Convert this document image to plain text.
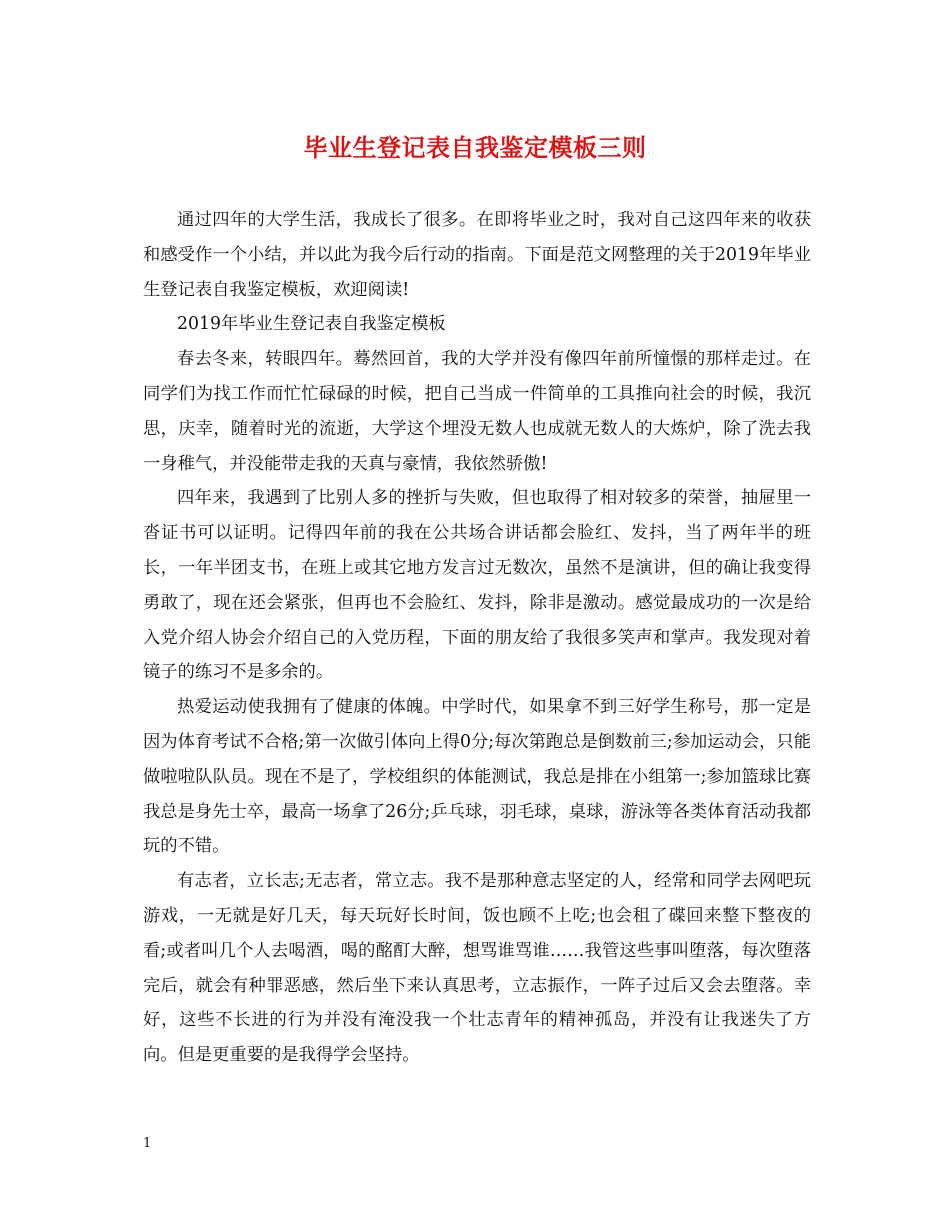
毕业生登记表自我鉴定模板三则

通过四年的大学生活，我成长了很多。在即将毕业之时，我对自己这四年来的收获和感受作一个小结，并以此为我今后行动的指南。下面是范文网整理的关于2019年毕业生登记表自我鉴定模板，欢迎阅读!

2019年毕业生登记表自我鉴定模板

春去冬来，转眼四年。蓦然回首，我的大学并没有像四年前所憧憬的那样走过。在同学们为找工作而忙忙碌碌的时候，把自己当成一件简单的工具推向社会的时候，我沉思，庆幸，随着时光的流逝，大学这个埋没无数人也成就无数人的大炼炉，除了洗去我一身稚气，并没能带走我的天真与豪情，我依然骄傲!

四年来，我遇到了比别人多的挫折与失败，但也取得了相对较多的荣誉，抽屉里一沓证书可以证明。记得四年前的我在公共场合讲话都会脸红、发抖，当了两年半的班长，一年半团支书，在班上或其它地方发言过无数次，虽然不是演讲，但的确让我变得勇敢了，现在还会紧张，但再也不会脸红、发抖，除非是激动。感觉最成功的一次是给入党介绍人协会介绍自己的入党历程，下面的朋友给了我很多笑声和掌声。我发现对着镜子的练习不是多余的。

热爱运动使我拥有了健康的体魄。中学时代，如果拿不到三好学生称号，那一定是因为体育考试不合格;第一次做引体向上得0分;每次第跑总是倒数前三;参加运动会，只能做啦啦队队员。现在不是了，学校组织的体能测试，我总是排在小组第一;参加篮球比赛我总是身先士卒，最高一场拿了26分;乒乓球，羽毛球，桌球，游泳等各类体育活动我都玩的不错。

有志者，立长志;无志者，常立志。我不是那种意志坚定的人，经常和同学去网吧玩游戏，一无就是好几天，每天玩好长时间，饭也顾不上吃;也会租了碟回来整下整夜的看;或者叫几个人去喝酒，喝的酩酊大醉，想骂谁骂谁……我管这些事叫堕落，每次堕落完后，就会有种罪恶感，然后坐下来认真思考，立志振作，一阵子过后又会去堕落。幸好，这些不长进的行为并没有淹没我一个壮志青年的精神孤岛，并没有让我迷失了方向。但是更重要的是我得学会坚持。

1
